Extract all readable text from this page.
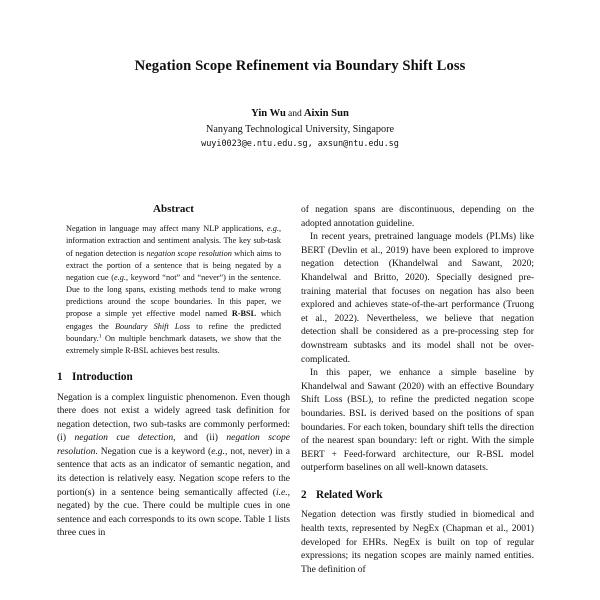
Negation Scope Refinement via Boundary Shift Loss
Yin Wu and Aixin Sun
Nanyang Technological University, Singapore
wuyi0023@e.ntu.edu.sg, axsun@ntu.edu.sg
Abstract

Negation in language may affect many NLP applications, e.g., information extraction and sentiment analysis. The key sub-task of negation detection is negation scope resolution which aims to extract the portion of a sentence that is being negated by a negation cue (e.g., keyword “not” and “never”) in the sentence. Due to the long spans, existing methods tend to make wrong predictions around the scope boundaries. In this paper, we propose a simple yet effective model named R-BSL which engages the Boundary Shift Loss to refine the predicted boundary.$^1$ On multiple benchmark datasets, we show that the extremely simple R-BSL achieves best results.

1 Introduction

Negation is a complex linguistic phenomenon. Even though there does not exist a widely agreed task definition for negation detection, two sub-tasks are commonly performed: (i) negation cue detection, and (ii) negation scope resolution. Negation cue is a keyword (e.g., not, never) in a sentence that acts as an indicator of semantic negation, and its detection is relatively easy. Negation scope refers to the portion(s) in a sentence being semantically affected (i.e., negated) by the cue. There could be multiple cues in one sentence and each corresponds to its own scope. Table 1 lists three cues in

of negation spans are discontinuous, depending on the adopted annotation guideline.

In recent years, pretrained language models (PLMs) like BERT (Devlin et al., 2019) have been explored to improve negation detection (Khandelwal and Sawant, 2020; Khandelwal and Britto, 2020). Specially designed pre-training material that focuses on negation has also been explored and achieves state-of-the-art performance (Truong et al., 2022). Nevertheless, we believe that negation detection shall be considered as a pre-processing step for downstream subtasks and its model shall not be over-complicated.

In this paper, we enhance a simple baseline by Khandelwal and Sawant (2020) with an effective Boundary Shift Loss (BSL), to refine the predicted negation scope boundaries. BSL is derived based on the positions of span boundaries. For each token, boundary shift tells the direction of the nearest span boundary: left or right. With the simple BERT + Feed-forward architecture, our R-BSL model outperform baselines on all well-known datasets.

2 Related Work

Negation detection was firstly studied in biomedical and health texts, represented by NegEx (Chapman et al., 2001) developed for EHRs. NegEx is built on top of regular expressions; its negation scopes are mainly named entities. The definition of
